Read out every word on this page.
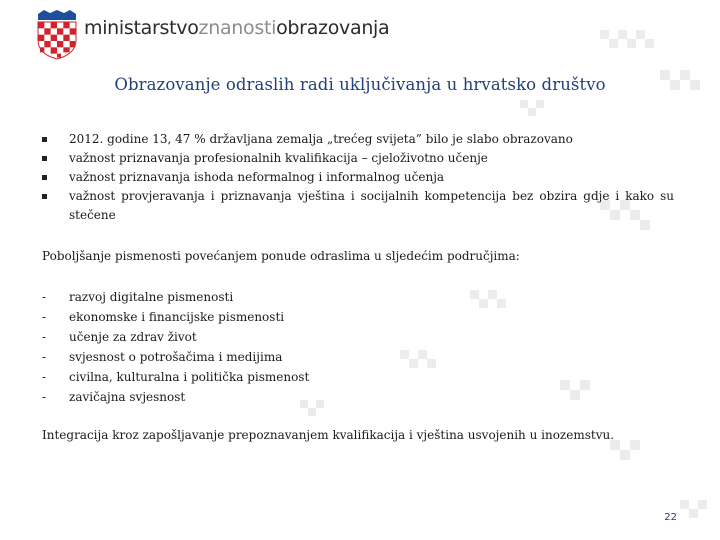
ministarstvoznanostiobrazovanja
Obrazovanje odraslih radi uključivanja u hrvatsko društvo
2012. godine 13, 47 % državljana zemalja „trećeg svijeta” bilo je slabo obrazovano
važnost priznavanja profesionalnih kvalifikacija – cjeloživotno učenje
važnost priznavanja ishoda neformalnog i informalnog učenja
važnost provjeravanja i priznavanja vještina i socijalnih kompetencija bez obzira gdje i kako su stečene
Poboljšanje pismenosti povećanjem ponude odraslima u sljedećim područjima:
- razvoj digitalne pismenosti
- ekonomske i financijske pismenosti
- učenje za zdrav život
- svjesnost o potrošačima i medijima
- civilna, kulturalna i politička pismenost
- zavičajna svjesnost
Integracija kroz zapošljavanje prepoznavanjem kvalifikacija i vještina usvojenih u inozemstvu.
22
